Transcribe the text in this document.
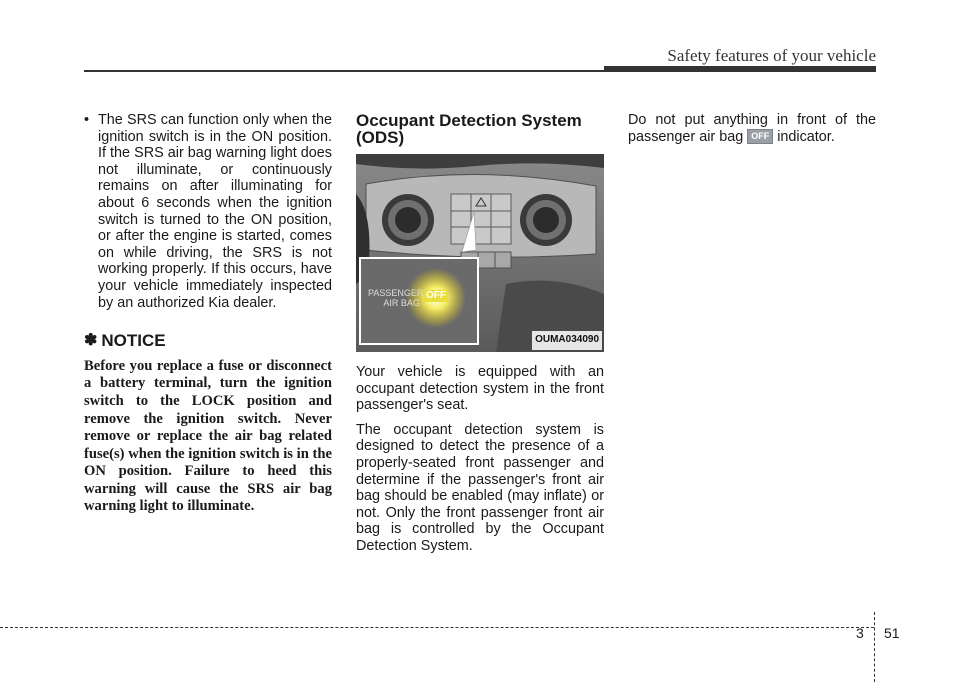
Safety features of your vehicle
• The SRS can function only when the ignition switch is in the ON position. If the SRS air bag warning light does not illuminate, or continuously remains on after illuminating for about 6 seconds when the ignition switch is turned to the ON position, or after the engine is started, comes on while driving, the SRS is not working properly. If this occurs, have your vehicle immediately inspected by an authorized Kia dealer.
✽ NOTICE
Before you replace a fuse or disconnect a battery terminal, turn the ignition switch to the LOCK position and remove the ignition switch. Never remove or replace the air bag related fuse(s) when the ignition switch is in the ON position. Failure to heed this warning will cause the SRS air bag warning light to illuminate.
Occupant Detection System (ODS)
PASSENGER
AIR BAG
OFF
OUMA034090
Your vehicle is equipped with an occupant detection system in the front passenger's seat.
The occupant detection system is designed to detect the presence of a properly-seated front passenger and determine if the passenger's front air bag should be enabled (may inflate) or not. Only the front passenger front air bag is controlled by the Occupant Detection System.
Do not put anything in front of the passenger air bag OFF indicator.
3 51
